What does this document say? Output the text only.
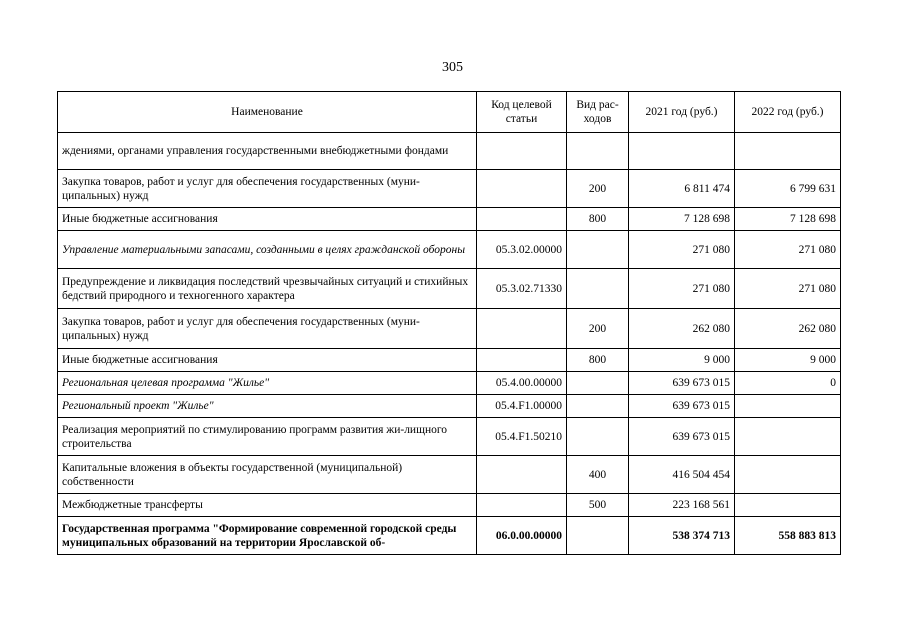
305
Наименование	Код целевой статьи	Вид рас-ходов	2021 год (руб.)	2022 год (руб.)
ждениями, органами управления государственными внебюджетными фондами				
Закупка товаров, работ и услуг для обеспечения государственных (муни-ципальных) нужд		200	6 811 474	6 799 631
Иные бюджетные ассигнования		800	7 128 698	7 128 698
Управление материальными запасами, созданными в целях гражданской обороны	05.3.02.00000		271 080	271 080
Предупреждение и ликвидация последствий чрезвычайных ситуаций и стихийных бедствий природного и техногенного характера	05.3.02.71330		271 080	271 080
Закупка товаров, работ и услуг для обеспечения государственных (муни-ципальных) нужд		200	262 080	262 080
Иные бюджетные ассигнования		800	9 000	9 000
Региональная целевая программа "Жилье"	05.4.00.00000		639 673 015	0
Региональный проект "Жилье"	05.4.F1.00000		639 673 015	
Реализация мероприятий по стимулированию программ развития жи-лищного строительства	05.4.F1.50210		639 673 015	
Капитальные вложения в объекты государственной (муниципальной) собственности		400	416 504 454	
Межбюджетные трансферты		500	223 168 561	
Государственная программа "Формирование современной городской среды муниципальных образований на территории Ярославской об-	06.0.00.00000		538 374 713	558 883 813
